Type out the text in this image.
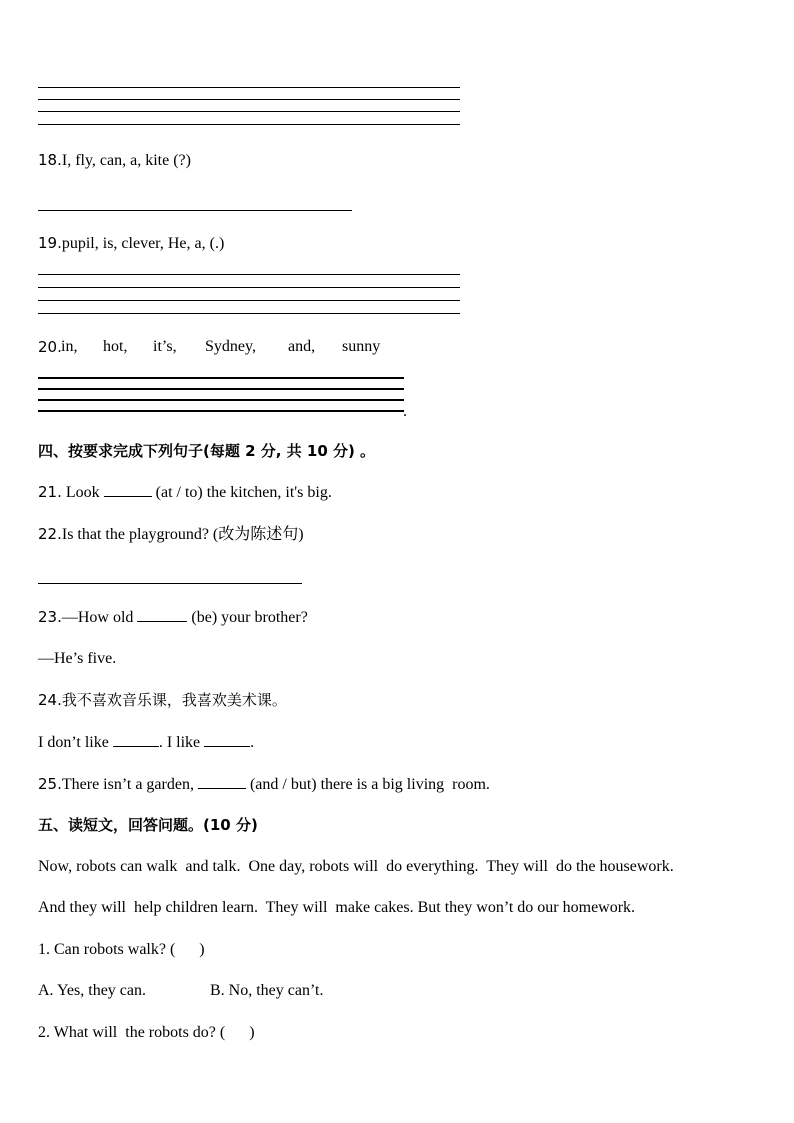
18.I, fly, can, a, kite (?)
19.pupil, is, clever, He, a, (.)
20. in, hot, it’s, Sydney, and, sunny
.
四、按要求完成下列句子(每题 2 分, 共 10 分) 。
21. Look	(at / to) the kitchen, it's big.
22.Is that the playground? (改为陈述句)
23.—How old	(be) your brother?
—He’s five.
24.我不喜欢音乐课，我喜欢美术课。
I don’t like	. I like	.
25.There isn’t a garden,	(and / but) there is a big living  room.
五、读短文，回答问题。(10 分)
Now, robots can walk  and talk.  One day, robots will  do everything.  They will  do the housework.
And they will  help children learn.  They will  make cakes. But they won’t do our homework.
1. Can robots walk? (      )
A. Yes, they can.	B. No, they can’t.
2. What will  the robots do? (      )
